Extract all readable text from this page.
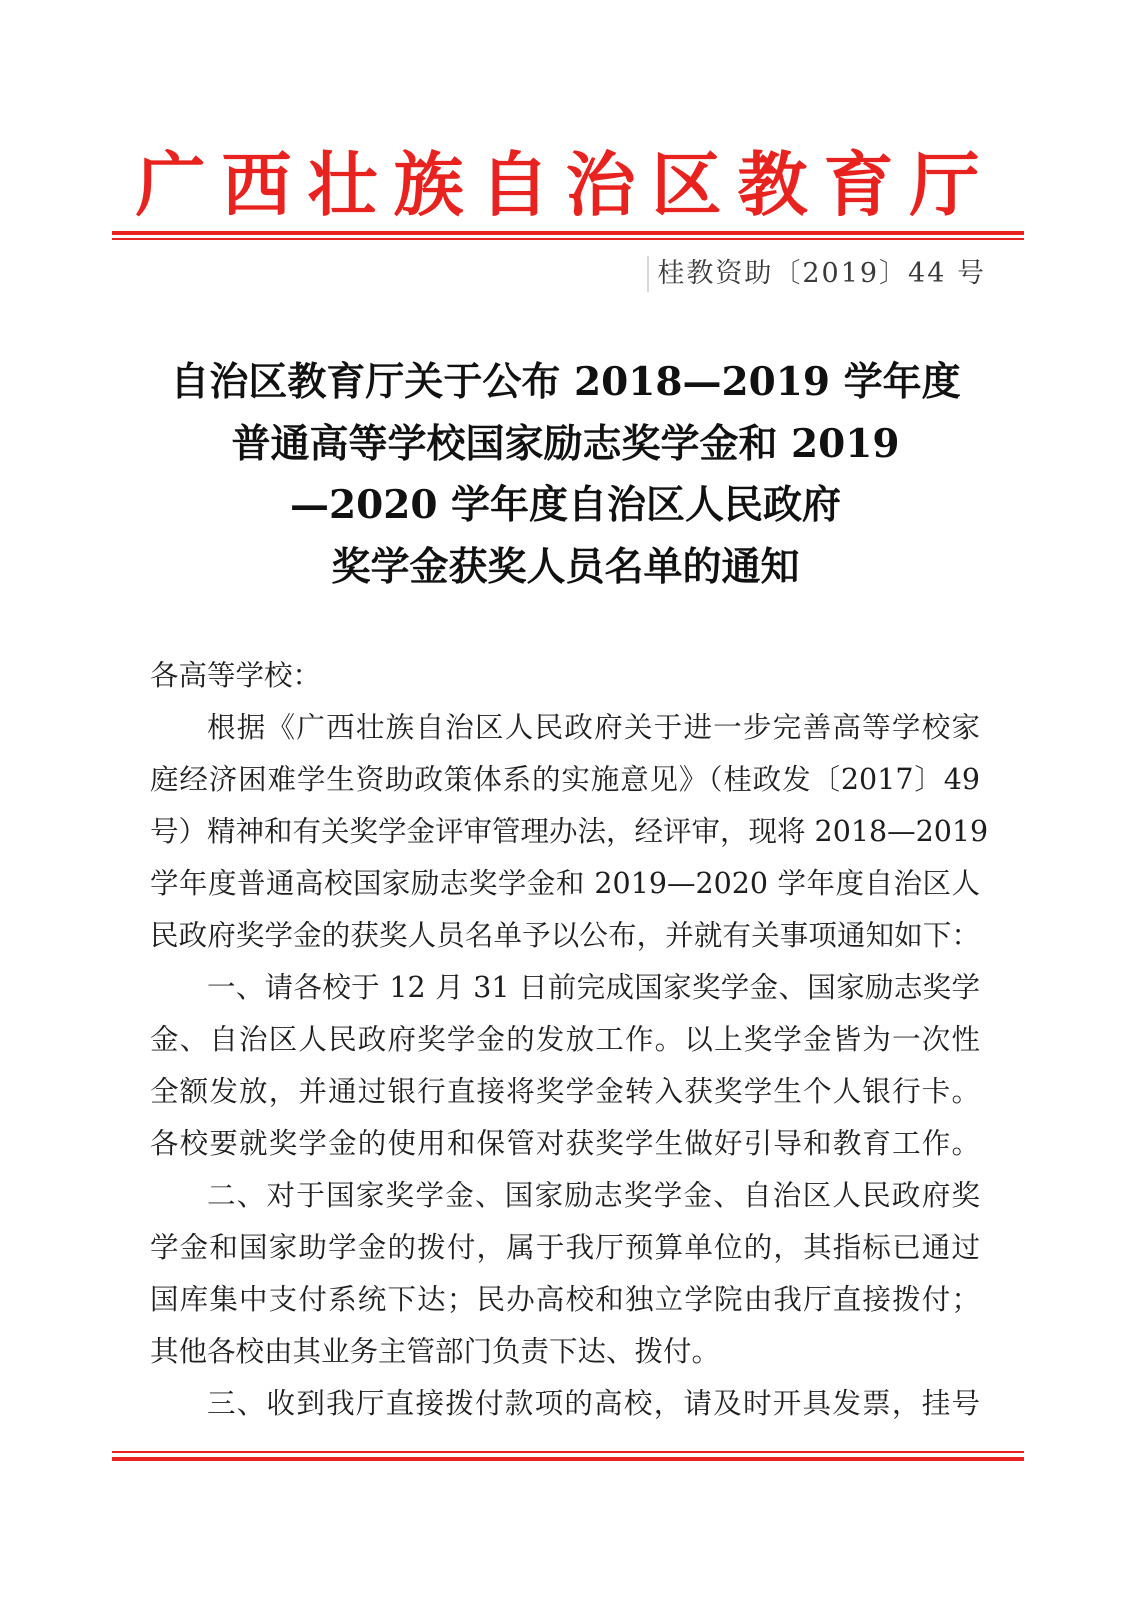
广西壮族自治区教育厅
桂教资助〔2019〕44 号
自治区教育厅关于公布 2018—2019 学年度
普通高等学校国家励志奖学金和 2019
—2020 学年度自治区人民政府
奖学金获奖人员名单的通知
各高等学校：
根据《广西壮族自治区人民政府关于进一步完善高等学校家
庭经济困难学生资助政策体系的实施意见》（桂政发〔2017〕49
号）精神和有关奖学金评审管理办法，经评审，现将 2018—2019
学年度普通高校国家励志奖学金和 2019—2020 学年度自治区人
民政府奖学金的获奖人员名单予以公布，并就有关事项通知如下：
一、请各校于 12 月 31 日前完成国家奖学金、国家励志奖学
金、自治区人民政府奖学金的发放工作。以上奖学金皆为一次性
全额发放，并通过银行直接将奖学金转入获奖学生个人银行卡。
各校要就奖学金的使用和保管对获奖学生做好引导和教育工作。
二、对于国家奖学金、国家励志奖学金、自治区人民政府奖
学金和国家助学金的拨付，属于我厅预算单位的，其指标已通过
国库集中支付系统下达；民办高校和独立学院由我厅直接拨付；
其他各校由其业务主管部门负责下达、拨付。
三、收到我厅直接拨付款项的高校，请及时开具发票，挂号
